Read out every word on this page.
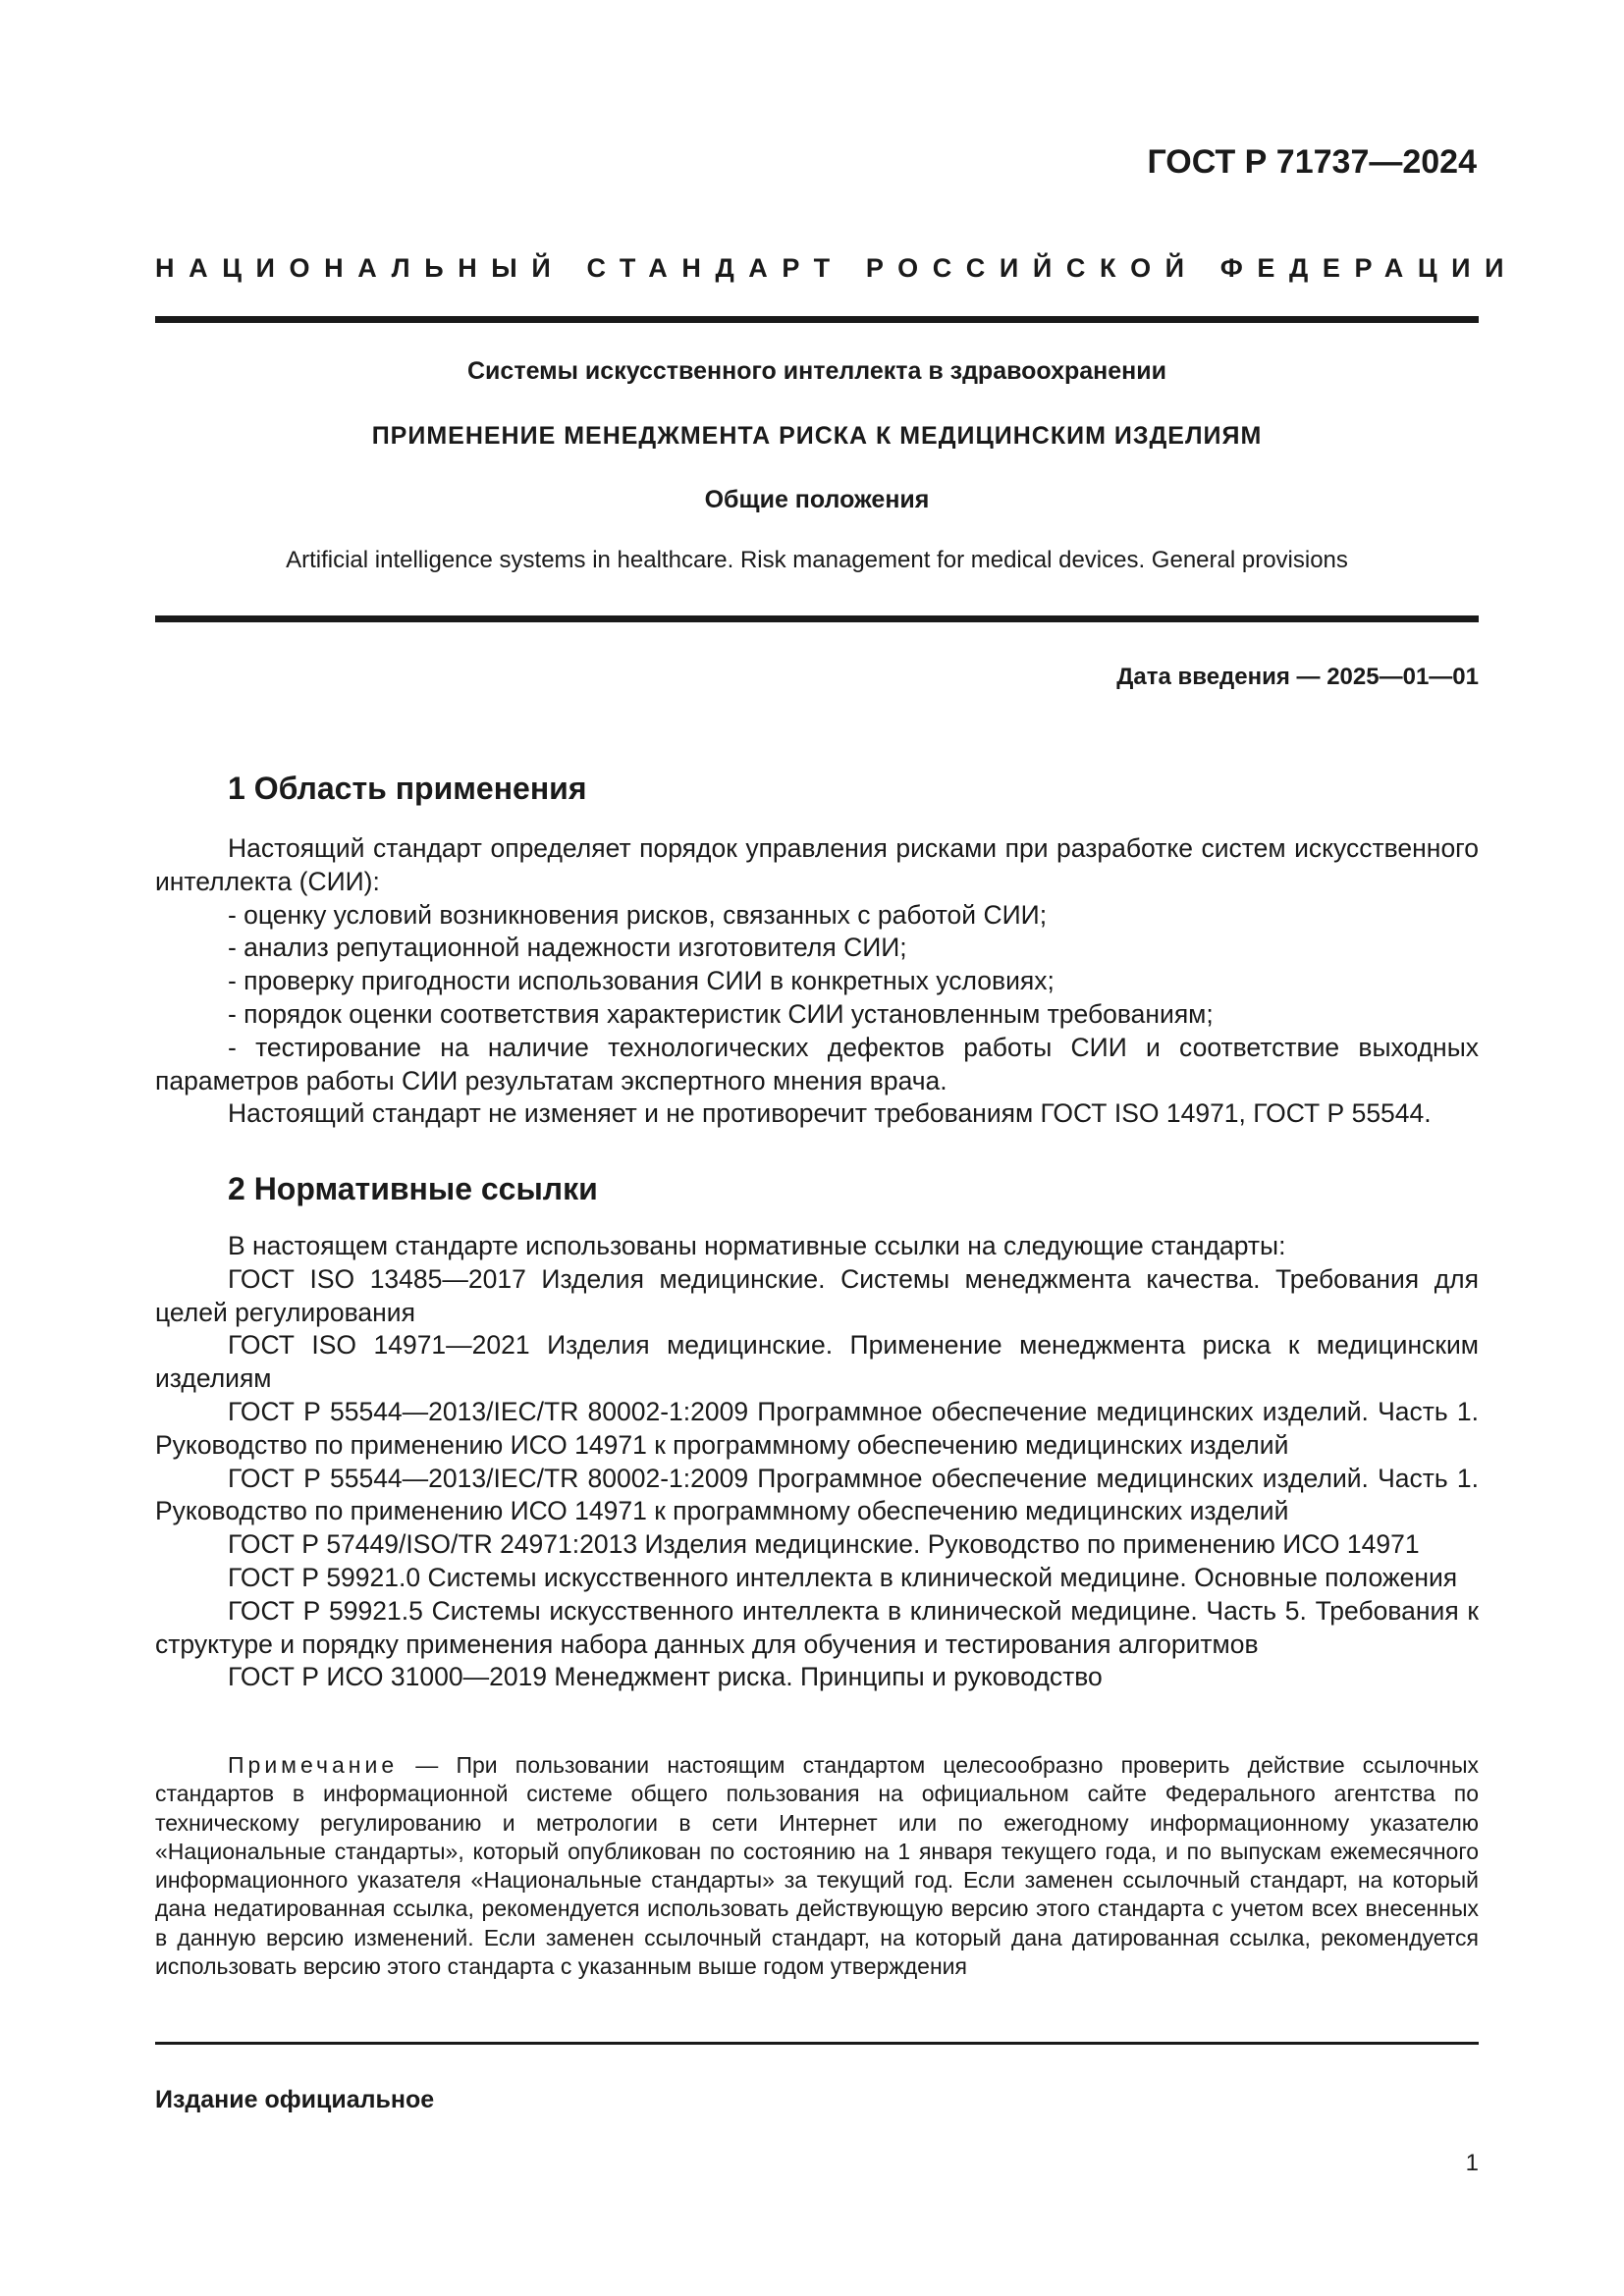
ГОСТ Р 71737—2024
НАЦИОНАЛЬНЫЙ СТАНДАРТ РОССИЙСКОЙ ФЕДЕРАЦИИ
Системы искусственного интеллекта в здравоохранении
ПРИМЕНЕНИЕ МЕНЕДЖМЕНТА РИСКА К МЕДИЦИНСКИМ ИЗДЕЛИЯМ
Общие положения
Artificial intelligence systems in healthcare. Risk management for medical devices. General provisions
Дата введения — 2025—01—01
1 Область применения

Настоящий стандарт определяет порядок управления рисками при разработке систем искусственного интеллекта (СИИ):

- оценку условий возникновения рисков, связанных с работой СИИ;

- анализ репутационной надежности изготовителя СИИ;

- проверку пригодности использования СИИ в конкретных условиях;

- порядок оценки соответствия характеристик СИИ установленным требованиям;

- тестирование на наличие технологических дефектов работы СИИ и соответствие выходных параметров работы СИИ результатам экспертного мнения врача.

Настоящий стандарт не изменяет и не противоречит требованиям ГОСТ ISO 14971, ГОСТ Р 55544.

2 Нормативные ссылки

В настоящем стандарте использованы нормативные ссылки на следующие стандарты:

ГОСТ ISO 13485—2017 Изделия медицинские. Системы менеджмента качества. Требования для целей регулирования

ГОСТ ISO 14971—2021 Изделия медицинские. Применение менеджмента риска к медицинским изделиям

ГОСТ Р 55544—2013/IEC/TR 80002-1:2009 Программное обеспечение медицинских изделий. Часть 1. Руководство по применению ИСО 14971 к программному обеспечению медицинских изделий

ГОСТ Р 55544—2013/IEC/TR 80002-1:2009 Программное обеспечение медицинских изделий. Часть 1. Руководство по применению ИСО 14971 к программному обеспечению медицинских изделий

ГОСТ Р 57449/ISO/TR 24971:2013 Изделия медицинские. Руководство по применению ИСО 14971

ГОСТ Р 59921.0 Системы искусственного интеллекта в клинической медицине. Основные положения

ГОСТ Р 59921.5 Системы искусственного интеллекта в клинической медицине. Часть 5. Требования к структуре и порядку применения набора данных для обучения и тестирования алгоритмов

ГОСТ Р ИСО 31000—2019 Менеджмент риска. Принципы и руководство

Примечание — При пользовании настоящим стандартом целесообразно проверить действие ссылочных стандартов в информационной системе общего пользования на официальном сайте Федерального агентства по техническому регулированию и метрологии в сети Интернет или по ежегодному информационному указателю «Национальные стандарты», который опубликован по состоянию на 1 января текущего года, и по выпускам ежемесячного информационного указателя «Национальные стандарты» за текущий год. Если заменен ссылочный стандарт, на который дана недатированная ссылка, рекомендуется использовать действующую версию этого стандарта с учетом всех внесенных в данную версию изменений. Если заменен ссылочный стандарт, на который дана датированная ссылка, рекомендуется использовать версию этого стандарта с указанным выше годом утверждения

Издание официальное
1
